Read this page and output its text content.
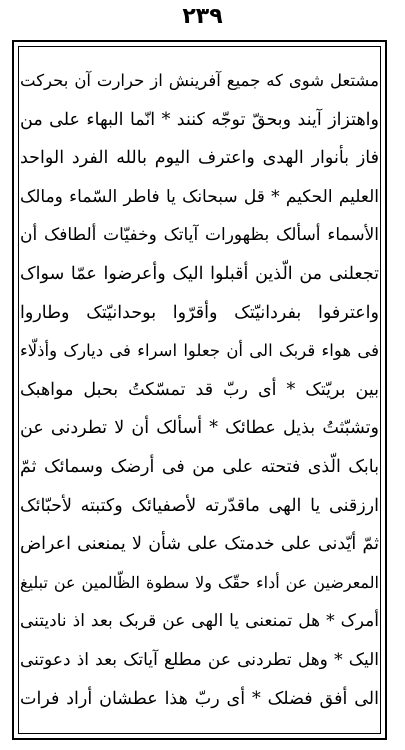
۲۳۹
مشتعل شوی که جمیع آفرینش از حرارت آن بحرکت
واهتزاز آیند وبحقّ توجّه کنند * انّما البهاء علی من
فاز بأنوار الهدی واعترف الیوم بالله الفرد الواحد
العلیم الحکیم * قل سبحانک یا فاطر السّماء ومالک
الأسماء أسألک بظهورات آیاتک وخفیّات ألطافک أن
تجعلنی من الّذین أقبلوا الیک وأعرضوا عمّا سواک
واعترفوا بفردانیّتک وأقرّوا بوحدانیّتک وطاروا
فی هواء قربک الی أن جعلوا اسراء فی دیارک وأذلّاء
بین بریّتک * أی ربّ قد تمسّکتُ بحبل مواهبک
وتشبّثتُ بذیل عطائک * أسألک أن لا تطردنی عن
بابک الّذی فتحته علی من فی أرضک وسمائک ثمّ
ارزقنی یا الهی ماقدّرته لأصفیائک وکتبته لأحبّائک
ثمّ أیّدنی علی خدمتک علی شأن لا یمنعنی اعراض
المعرضین عن أداء حقّک ولا سطوة الظّالمین عن تبلیغ
أمرک * هل تمنعنی یا الهی عن قربک بعد اذ نادیتنی
الیک * وهل تطردنی عن مطلع آیاتک بعد اذ دعوتنی
الی أفق فضلک * أی ربّ هذا عطشان أراد فرات
